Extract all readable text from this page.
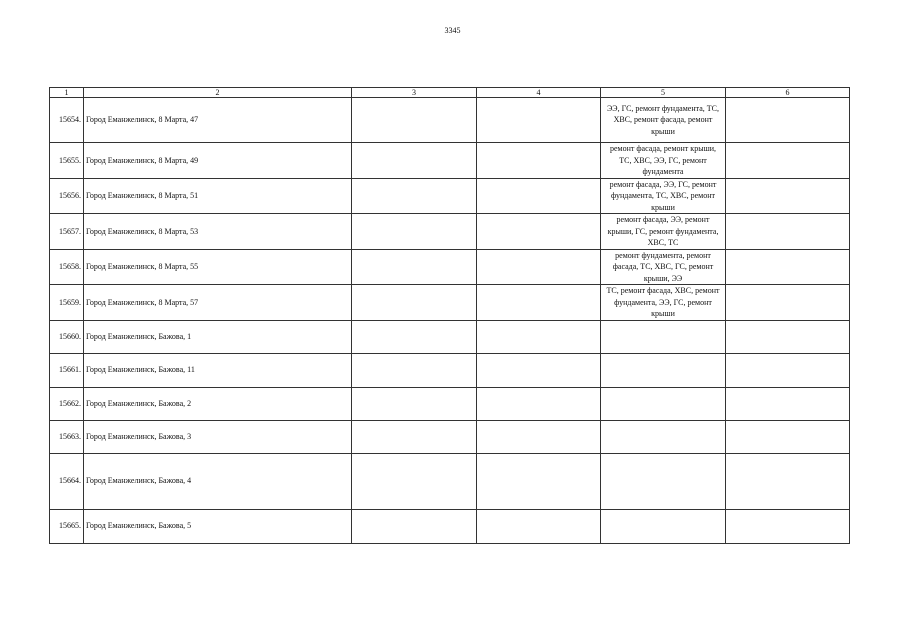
3345
1	2	3	4	5	6
15654.	Город Еманжелинск, 8 Марта, 47			ЭЭ, ГС, ремонт фундамента, ТС, ХВС, ремонт фасада, ремонт крыши	
15655.	Город Еманжелинск, 8 Марта, 49			ремонт фасада, ремонт крыши, ТС, ХВС, ЭЭ, ГС, ремонт фундамента	
15656.	Город Еманжелинск, 8 Марта, 51			ремонт фасада, ЭЭ, ГС, ремонт фундамента, ТС, ХВС, ремонт крыши	
15657.	Город Еманжелинск, 8 Марта, 53			ремонт фасада, ЭЭ, ремонт крыши, ГС, ремонт фундамента, ХВС, ТС	
15658.	Город Еманжелинск, 8 Марта, 55			ремонт фундамента, ремонт фасада, ТС, ХВС, ГС, ремонт крыши, ЭЭ	
15659.	Город Еманжелинск, 8 Марта, 57			ТС, ремонт фасада, ХВС, ремонт фундамента, ЭЭ, ГС, ремонт крыши	
15660.	Город Еманжелинск, Бажова, 1				
15661.	Город Еманжелинск, Бажова, 11				
15662.	Город Еманжелинск, Бажова, 2				
15663.	Город Еманжелинск, Бажова, 3				
15664.	Город Еманжелинск, Бажова, 4				
15665.	Город Еманжелинск, Бажова, 5				
